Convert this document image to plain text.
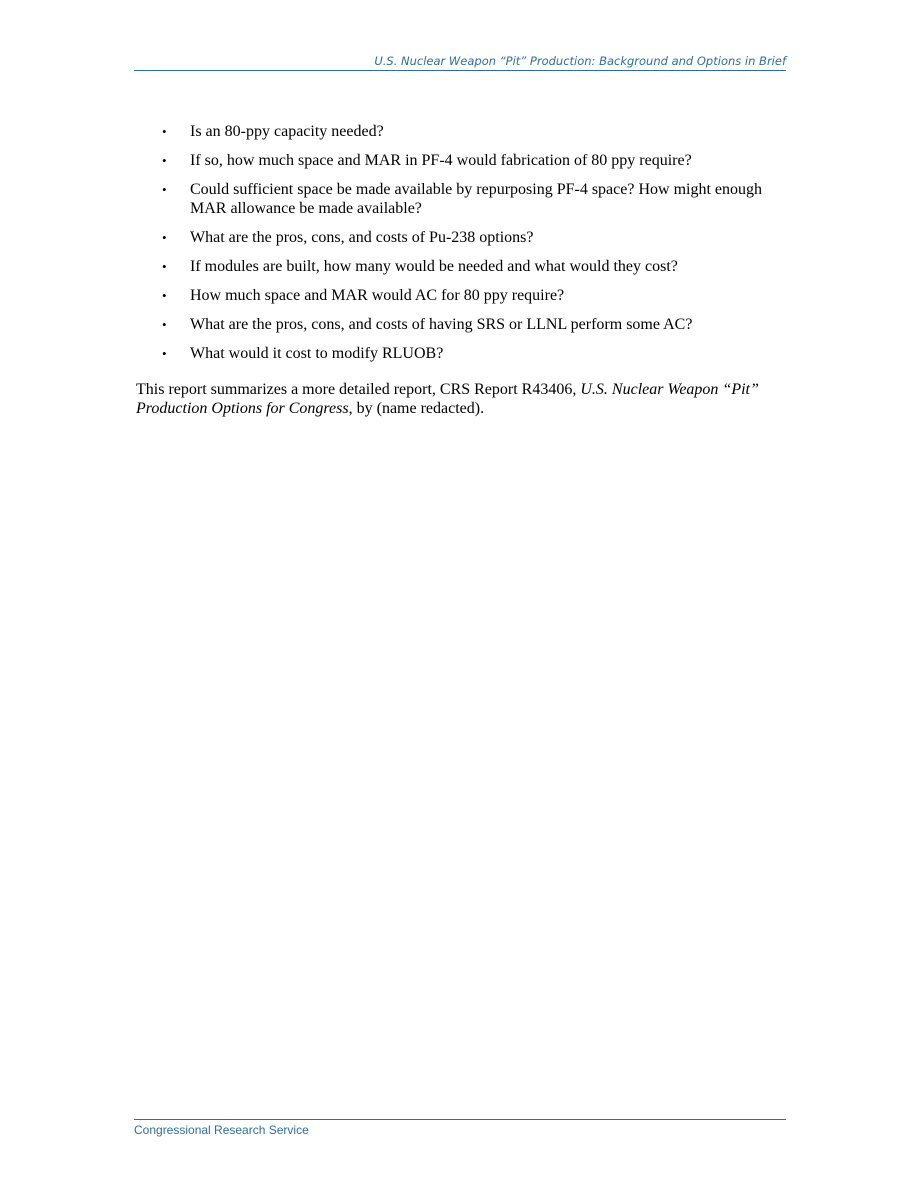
U.S. Nuclear Weapon “Pit” Production: Background and Options in Brief
• Is an 80-ppy capacity needed?
• If so, how much space and MAR in PF-4 would fabrication of 80 ppy require?
• Could sufficient space be made available by repurposing PF-4 space? How might enough MAR allowance be made available?
• What are the pros, cons, and costs of Pu-238 options?
• If modules are built, how many would be needed and what would they cost?
• How much space and MAR would AC for 80 ppy require?
• What are the pros, cons, and costs of having SRS or LLNL perform some AC?
• What would it cost to modify RLUOB?

This report summarizes a more detailed report, CRS Report R43406, U.S. Nuclear Weapon “Pit” Production Options for Congress, by (name redacted).

Congressional Research Service
